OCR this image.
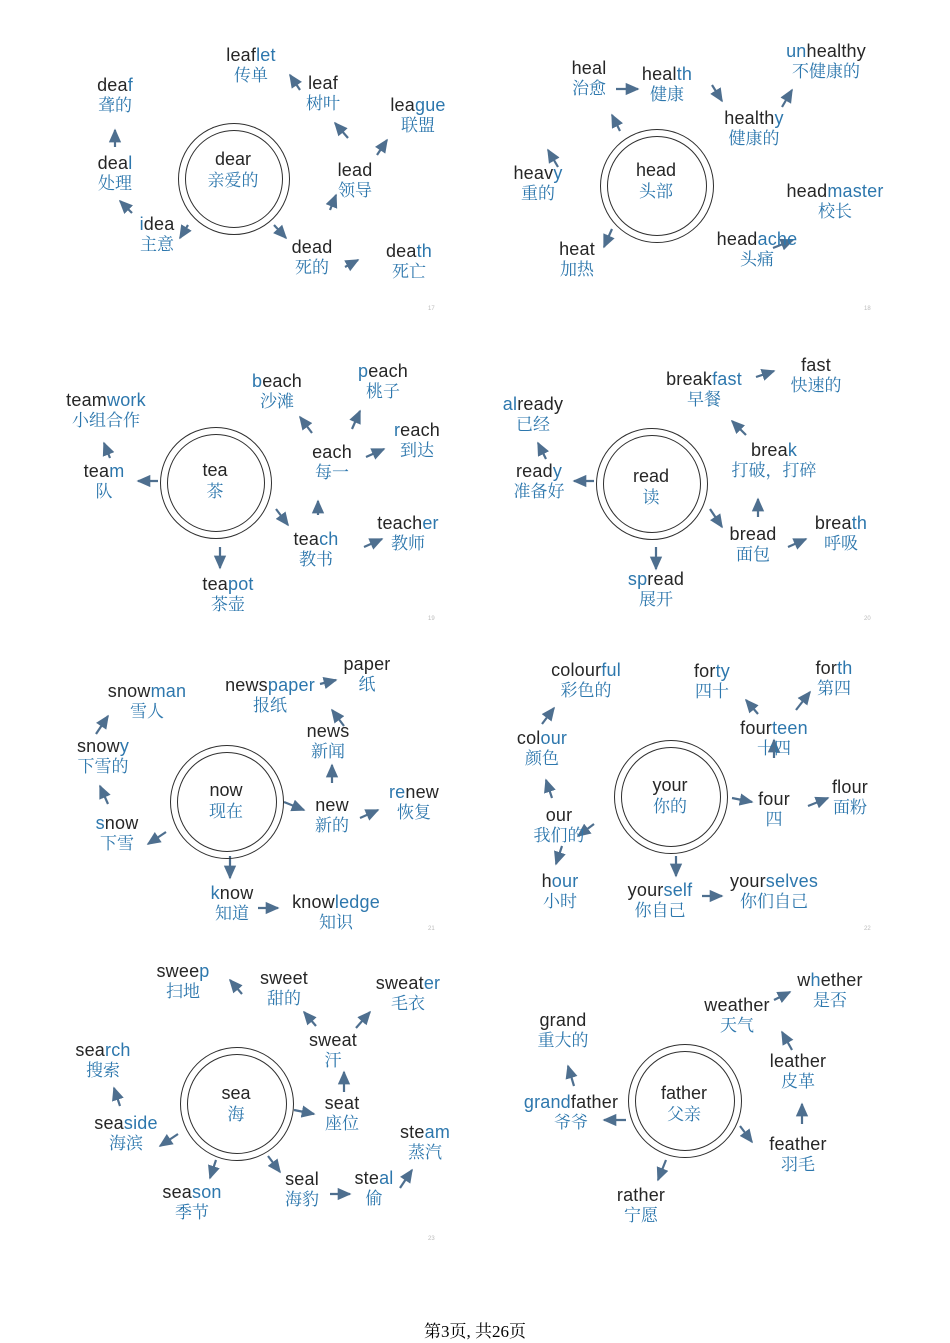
dear
亲爱的
leaflet
传单	leaf
树叶	league
联盟
deaf
聋的
deal
处理
lead
领导
idea
主意	dead
死的
death
死亡
17
head
头部
heal
治愈
health
健康
unhealthy
不健康的
healthy
健康的
heavy
重的	headmaster
校长
heat
加热
headache
头痛
18
tea
茶
peach
桃子
beach
沙滩
teamwork
小组合作	reach
到达
each
每一
team
队
teacher
教师
teach
教书
teapot
茶壶
19
read
读
fast
快速的
breakfast
早餐
already
已经
break
打破，打碎
ready
准备好
breath
呼吸
bread
面包
spread
展开
20
now
现在
paper
纸
newspaper
报纸
snowman
雪人
news
新闻
snowy
下雪的
renew
恢复
new
新的
snow
下雪
know
知道
knowledge
知识	21
your
你的
colourful
彩色的
forty
四十
forth
第四
fourteen
十四
colour
颜色
flour
面粉
four
四
our
我们的
hour
小时
yourself
你自己
yourselves
你们自己
22
sea
海
sweep
扫地
sweet
甜的
sweater
毛衣
sweat
汗
search
搜索
seaside
海滨
seat
座位	steam
蒸汽
seal
海豹
steal
偷
season
季节
23
father
父亲
whether
是否
weather
天气
grand
重大的
leather
皮革
grandfather
爷爷
feather
羽毛
rather
宁愿
第3页, 共26页
